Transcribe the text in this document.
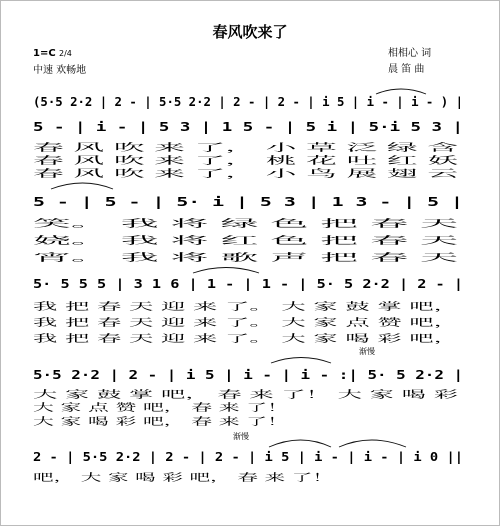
春风吹来了
1=C 2/4
中速 欢畅地
相相心 词
晨 笛 曲
(5·5 2·2 | 2 - | 5·5 2·2 | 2 - | 2 - | i 5 | i - | i - ) |
5 - | i - | 5 3 | 1 5 - | 5 i | 5·i 5 3 |
春 风 吹 来 了， 小 草 泛 绿 含
春 风 吹 来 了， 桃 花 吐 红 妖
春 风 吹 来 了， 小 鸟 展 翅 云
5 - | 5 - | 5· i | 5 3 | 1 3 - | 5 |
笑。 我 将 绿 色 把 春 天
娆。 我 将 红 色 把 春 天
宵。 我 将 歌 声 把 春 天
5· 5 5 5 | 3 1 6 | 1 - | 1 - | 5· 5 2·2 | 2 - |
我 把 春 天 迎 来 了。 大 家 鼓 掌 吧，
我 把 春 天 迎 来 了。 大 家 点 赞 吧，
我 把 春 天 迎 来 了。 大 家 喝 彩 吧，
渐慢
5·5 2·2 | 2 - | i 5 | i - | i - :| 5· 5 2·2 |
大 家 鼓 掌 吧， 春 来 了！ 大 家 喝 彩
大 家 点 赞 吧， 春 来 了！
大 家 喝 彩 吧， 春 来 了！
渐慢
2 - | 5·5 2·2 | 2 - | 2 - | i 5 | i - | i - | i 0 ||
吧， 大 家 喝 彩 吧， 春 来 了！
